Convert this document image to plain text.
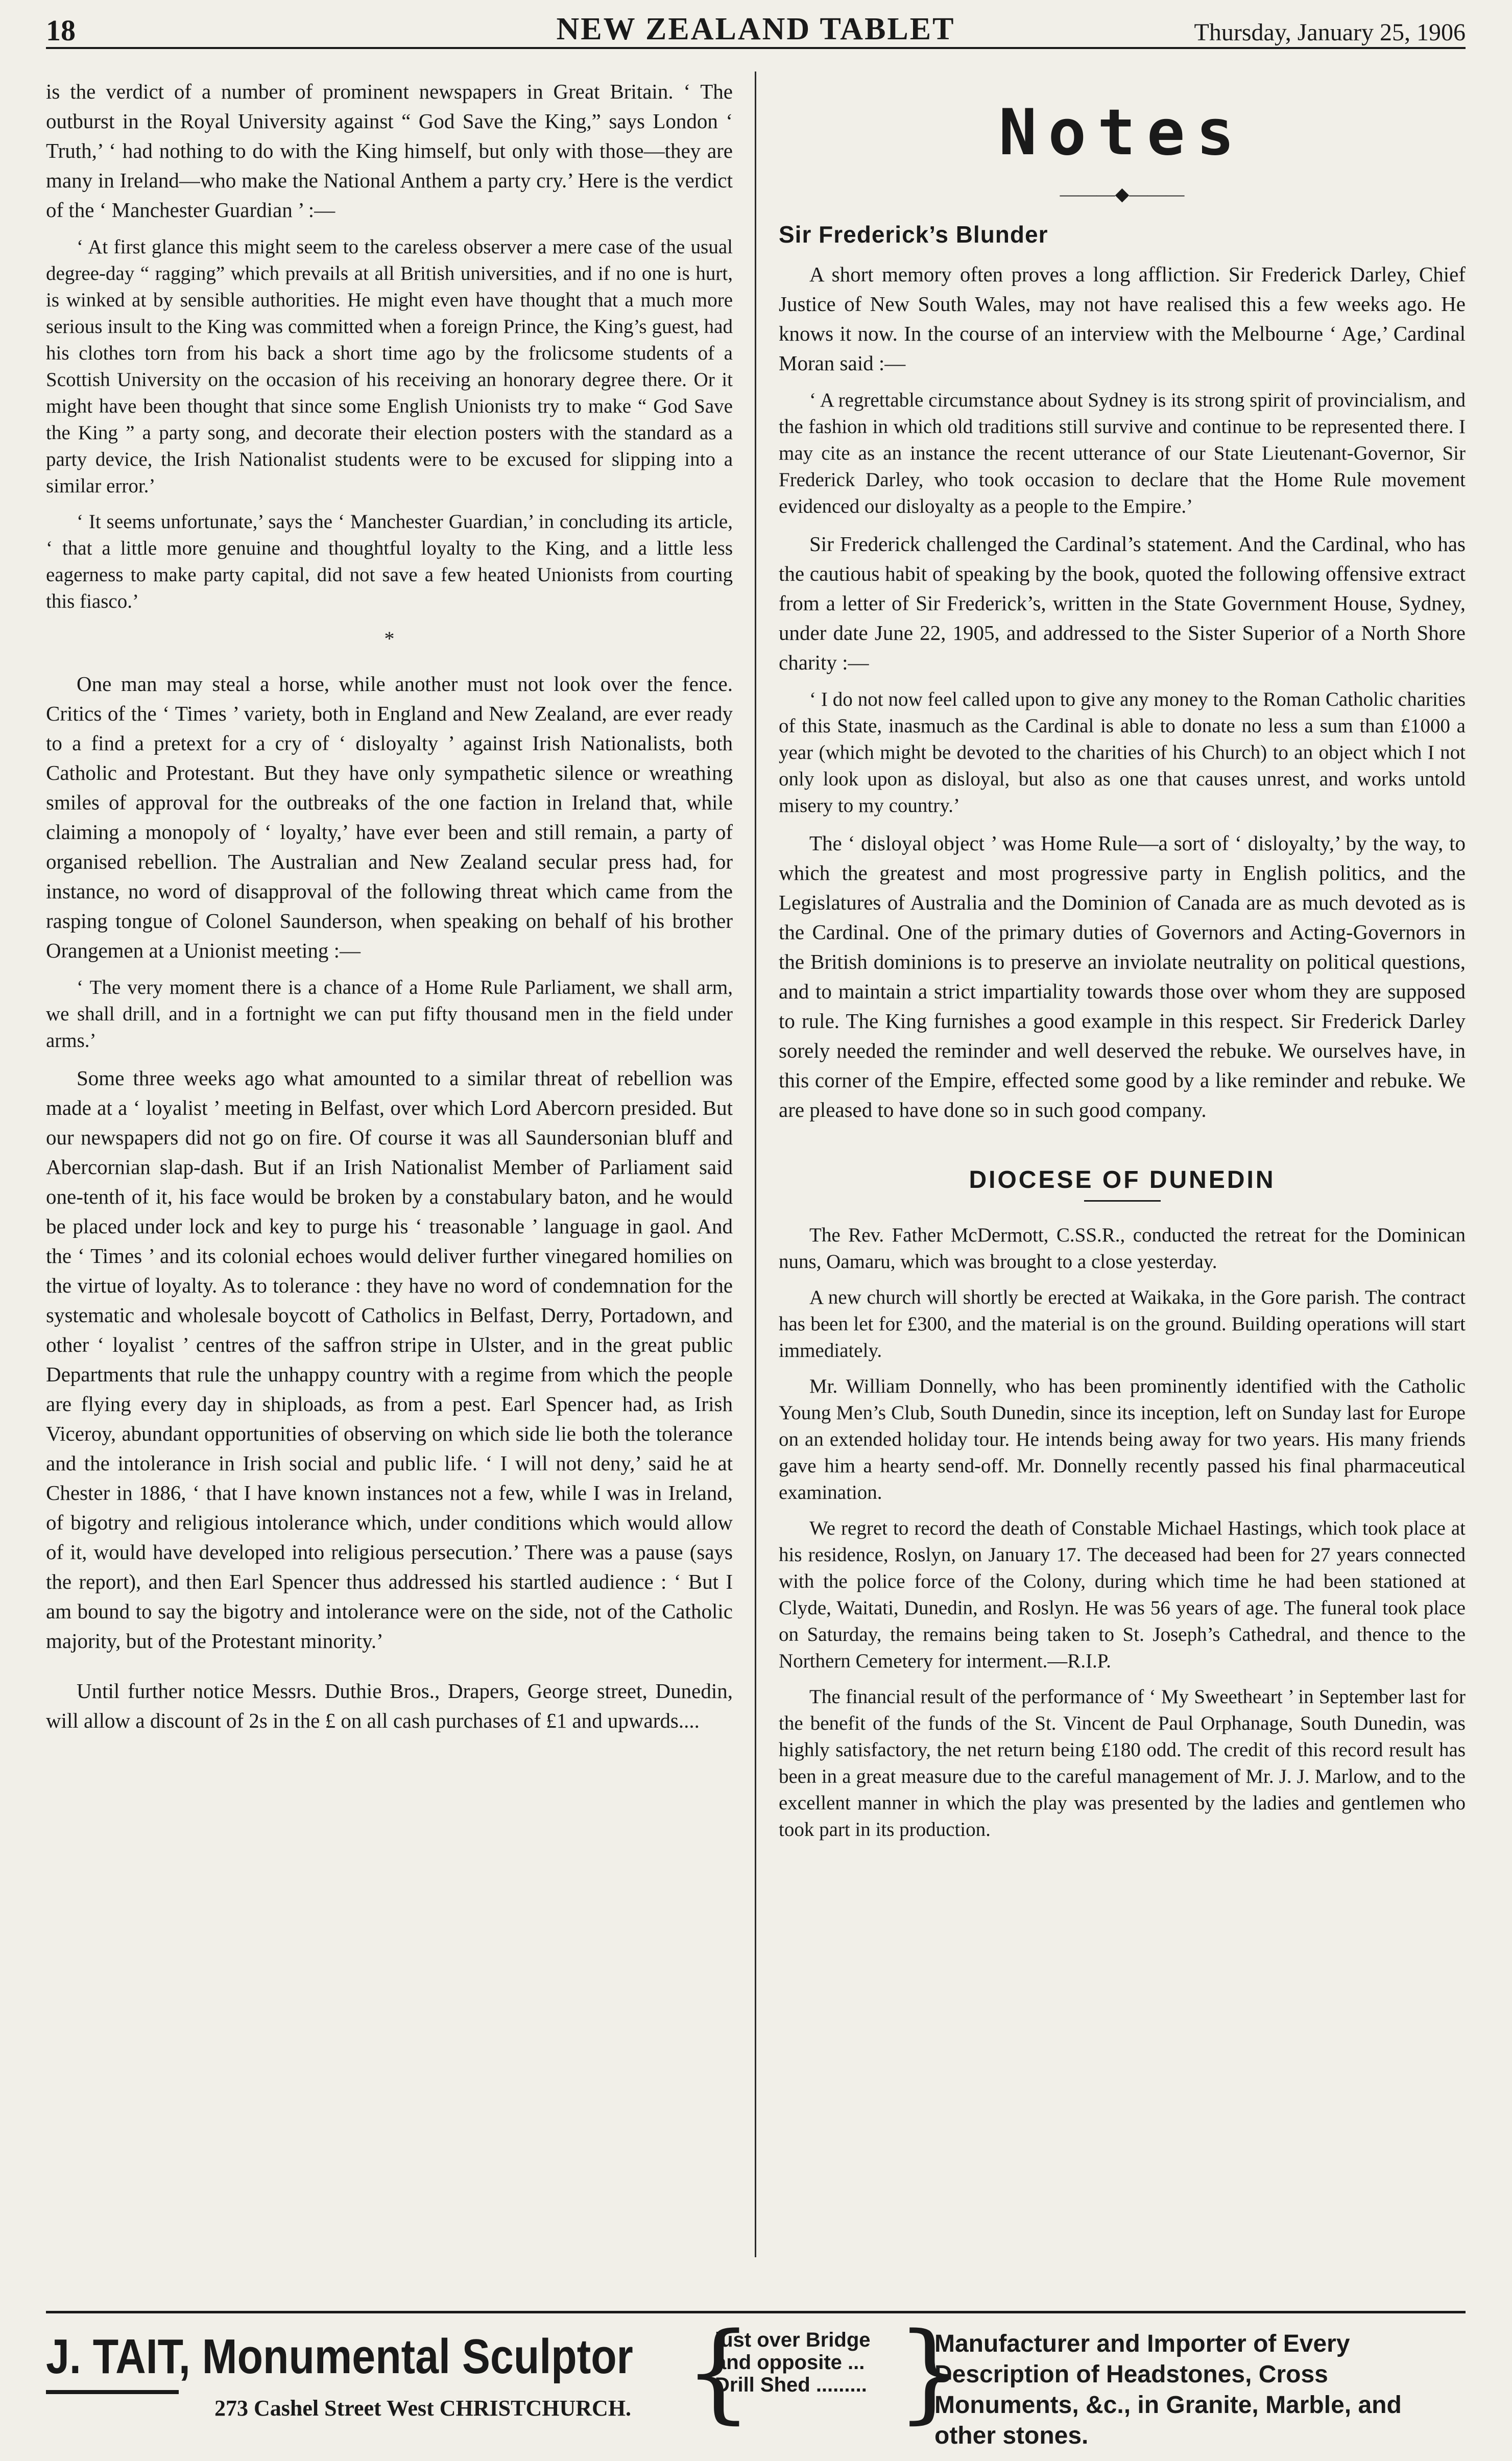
18	NEW ZEALAND TABLET	Thursday, January 25, 1906

is the verdict of a number of prominent newspapers in Great Britain. ‘ The outburst in the Royal University against “ God Save the King,” says London ‘ Truth,’ ‘ had nothing to do with the King himself, but only with those—they are many in Ireland—who make the National Anthem a party cry.’ Here is the verdict of the ‘ Manchester Guardian ’ :—

‘ At first glance this might seem to the careless observer a mere case of the usual degree-day “ ragging” which prevails at all British universities, and if no one is hurt, is winked at by sensible authorities. He might even have thought that a much more serious insult to the King was committed when a foreign Prince, the King’s guest, had his clothes torn from his back a short time ago by the frolicsome students of a Scottish University on the occasion of his receiving an honorary degree there. Or it might have been thought that since some English Unionists try to make “ God Save the King ” a party song, and decorate their election posters with the standard as a party device, the Irish Nationalist students were to be excused for slipping into a similar error.’

‘ It seems unfortunate,’ says the ‘ Manchester Guardian,’ in concluding its article, ‘ that a little more genuine and thoughtful loyalty to the King, and a little less eagerness to make party capital, did not save a few heated Unionists from courting this fiasco.’

*

One man may steal a horse, while another must not look over the fence. Critics of the ‘ Times ’ variety, both in England and New Zealand, are ever ready to a find a pretext for a cry of ‘ disloyalty ’ against Irish Nationalists, both Catholic and Protestant. But they have only sympathetic silence or wreathing smiles of approval for the outbreaks of the one faction in Ireland that, while claiming a monopoly of ‘ loyalty,’ have ever been and still remain, a party of organised rebellion. The Australian and New Zealand secular press had, for instance, no word of disapproval of the following threat which came from the rasping tongue of Colonel Saunderson, when speaking on behalf of his brother Orangemen at a Unionist meeting :—

‘ The very moment there is a chance of a Home Rule Parliament, we shall arm, we shall drill, and in a fortnight we can put fifty thousand men in the field under arms.’

Some three weeks ago what amounted to a similar threat of rebellion was made at a ‘ loyalist ’ meeting in Belfast, over which Lord Abercorn presided. But our newspapers did not go on fire. Of course it was all Saundersonian bluff and Abercornian slap-dash. But if an Irish Nationalist Member of Parliament said one-tenth of it, his face would be broken by a constabulary baton, and he would be placed under lock and key to purge his ‘ treasonable ’ language in gaol. And the ‘ Times ’ and its colonial echoes would deliver further vinegared homilies on the virtue of loyalty. As to tolerance : they have no word of condemnation for the systematic and wholesale boycott of Catholics in Belfast, Derry, Portadown, and other ‘ loyalist ’ centres of the saffron stripe in Ulster, and in the great public Departments that rule the unhappy country with a regime from which the people are flying every day in shiploads, as from a pest. Earl Spencer had, as Irish Viceroy, abundant opportunities of observing on which side lie both the tolerance and the intolerance in Irish social and public life. ‘ I will not deny,’ said he at Chester in 1886, ‘ that I have known instances not a few, while I was in Ireland, of bigotry and religious intolerance which, under conditions which would allow of it, would have developed into religious persecution.’ There was a pause (says the report), and then Earl Spencer thus addressed his startled audience : ‘ But I am bound to say the bigotry and intolerance were on the side, not of the Catholic majority, but of the Protestant minority.’

Until further notice Messrs. Duthie Bros., Drapers, George street, Dunedin, will allow a discount of 2s in the £ on all cash purchases of £1 and upwards....

Notes
———◆———
Sir Frederick’s Blunder

A short memory often proves a long affliction. Sir Frederick Darley, Chief Justice of New South Wales, may not have realised this a few weeks ago. He knows it now. In the course of an interview with the Melbourne ‘ Age,’ Cardinal Moran said :—

‘ A regrettable circumstance about Sydney is its strong spirit of provincialism, and the fashion in which old traditions still survive and continue to be represented there. I may cite as an instance the recent utterance of our State Lieutenant-Governor, Sir Frederick Darley, who took occasion to declare that the Home Rule movement evidenced our disloyalty as a people to the Empire.’

Sir Frederick challenged the Cardinal’s statement. And the Cardinal, who has the cautious habit of speaking by the book, quoted the following offensive extract from a letter of Sir Frederick’s, written in the State Government House, Sydney, under date June 22, 1905, and addressed to the Sister Superior of a North Shore charity :—

‘ I do not now feel called upon to give any money to the Roman Catholic charities of this State, inasmuch as the Cardinal is able to donate no less a sum than £1000 a year (which might be devoted to the charities of his Church) to an object which I not only look upon as disloyal, but also as one that causes unrest, and works untold misery to my country.’

The ‘ disloyal object ’ was Home Rule—a sort of ‘ disloyalty,’ by the way, to which the greatest and most progressive party in English politics, and the Legislatures of Australia and the Dominion of Canada are as much devoted as is the Cardinal. One of the primary duties of Governors and Acting-Governors in the British dominions is to preserve an inviolate neutrality on political questions, and to maintain a strict impartiality towards those over whom they are supposed to rule. The King furnishes a good example in this respect. Sir Frederick Darley sorely needed the reminder and well deserved the rebuke. We ourselves have, in this corner of the Empire, effected some good by a like reminder and rebuke. We are pleased to have done so in such good company.

DIOCESE OF DUNEDIN

The Rev. Father McDermott, C.SS.R., conducted the retreat for the Dominican nuns, Oamaru, which was brought to a close yesterday.

A new church will shortly be erected at Waikaka, in the Gore parish. The contract has been let for £300, and the material is on the ground. Building operations will start immediately.

Mr. William Donnelly, who has been prominently identified with the Catholic Young Men’s Club, South Dunedin, since its inception, left on Sunday last for Europe on an extended holiday tour. He intends being away for two years. His many friends gave him a hearty send-off. Mr. Donnelly recently passed his final pharmaceutical examination.

We regret to record the death of Constable Michael Hastings, which took place at his residence, Roslyn, on January 17. The deceased had been for 27 years connected with the police force of the Colony, during which time he had been stationed at Clyde, Waitati, Dunedin, and Roslyn. He was 56 years of age. The funeral took place on Saturday, the remains being taken to St. Joseph’s Cathedral, and thence to the Northern Cemetery for interment.—R.I.P.

The financial result of the performance of ‘ My Sweetheart ’ in September last for the benefit of the funds of the St. Vincent de Paul Orphanage, South Dunedin, was highly satisfactory, the net return being £180 odd. The credit of this record result has been in a great measure due to the careful management of Mr. J. J. Marlow, and to the excellent manner in which the play was presented by the ladies and gentlemen who took part in its production.

J. TAIT, Monumental Sculptor
273 Cashel Street West CHRISTCHURCH. {
just over Bridge and opposite ... Drill Shed ......... }
Manufacturer and Importer of Every Description of Headstones, Cross Monuments, &c., in Granite, Marble, and other stones.
